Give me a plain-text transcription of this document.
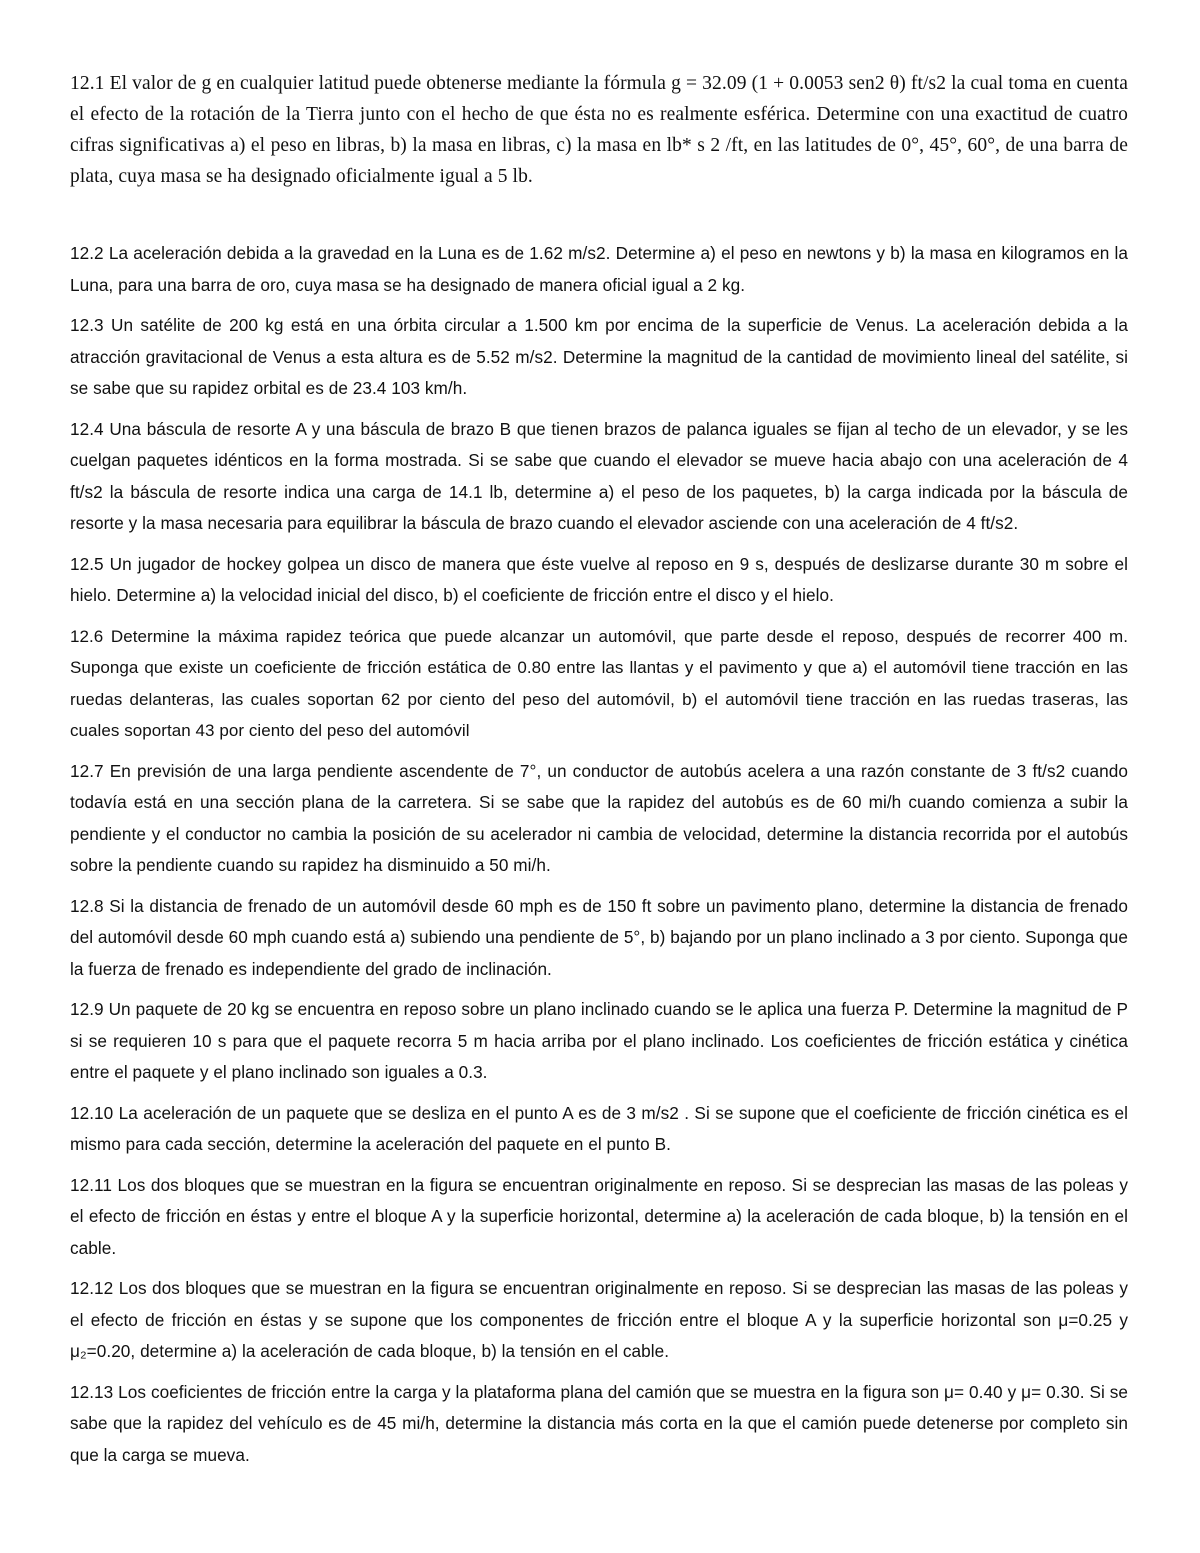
12.1 El valor de g en cualquier latitud puede obtenerse mediante la fórmula g = 32.09 (1 + 0.0053 sen2 θ) ft/s2 la cual toma en cuenta el efecto de la rotación de la Tierra junto con el hecho de que ésta no es realmente esférica. Determine con una exactitud de cuatro cifras significativas a) el peso en libras, b) la masa en libras, c) la masa en lb* s 2 /ft, en las latitudes de 0°, 45°, 60°, de una barra de plata, cuya masa se ha designado oficialmente igual a 5 lb.

12.2 La aceleración debida a la gravedad en la Luna es de 1.62 m/s2. Determine a) el peso en newtons y b) la masa en kilogramos en la Luna, para una barra de oro, cuya masa se ha designado de manera oficial igual a 2 kg.

12.3 Un satélite de 200 kg está en una órbita circular a 1.500 km por encima de la superficie de Venus. La aceleración debida a la atracción gravitacional de Venus a esta altura es de 5.52 m/s2. Determine la magnitud de la cantidad de movimiento lineal del satélite, si se sabe que su rapidez orbital es de 23.4 103 km/h.

12.4 Una báscula de resorte A y una báscula de brazo B que tienen brazos de palanca iguales se fijan al techo de un elevador, y se les cuelgan paquetes idénticos en la forma mostrada. Si se sabe que cuando el elevador se mueve hacia abajo con una aceleración de 4 ft/s2 la báscula de resorte indica una carga de 14.1 lb, determine a) el peso de los paquetes, b) la carga indicada por la báscula de resorte y la masa necesaria para equilibrar la báscula de brazo cuando el elevador asciende con una aceleración de 4 ft/s2.

12.5 Un jugador de hockey golpea un disco de manera que éste vuelve al reposo en 9 s, después de deslizarse durante 30 m sobre el hielo. Determine a) la velocidad inicial del disco, b) el coeficiente de fricción entre el disco y el hielo.

12.6 Determine la máxima rapidez teórica que puede alcanzar un automóvil, que parte desde el reposo, después de recorrer 400 m. Suponga que existe un coeficiente de fricción estática de 0.80 entre las llantas y el pavimento y que a) el automóvil tiene tracción en las ruedas delanteras, las cuales soportan 62 por ciento del peso del automóvil, b) el automóvil tiene tracción en las ruedas traseras, las cuales soportan 43 por ciento del peso del automóvil

12.7 En previsión de una larga pendiente ascendente de 7°, un conductor de autobús acelera a una razón constante de 3 ft/s2 cuando todavía está en una sección plana de la carretera. Si se sabe que la rapidez del autobús es de 60 mi/h cuando comienza a subir la pendiente y el conductor no cambia la posición de su acelerador ni cambia de velocidad, determine la distancia recorrida por el autobús sobre la pendiente cuando su rapidez ha disminuido a 50 mi/h.

12.8 Si la distancia de frenado de un automóvil desde 60 mph es de 150 ft sobre un pavimento plano, determine la distancia de frenado del automóvil desde 60 mph cuando está a) subiendo una pendiente de 5°, b) bajando por un plano inclinado a 3 por ciento. Suponga que la fuerza de frenado es independiente del grado de inclinación.

12.9 Un paquete de 20 kg se encuentra en reposo sobre un plano inclinado cuando se le aplica una fuerza P. Determine la magnitud de P si se requieren 10 s para que el paquete recorra 5 m hacia arriba por el plano inclinado. Los coeficientes de fricción estática y cinética entre el paquete y el plano inclinado son iguales a 0.3.

12.10 La aceleración de un paquete que se desliza en el punto A es de 3 m/s2 . Si se supone que el coeficiente de fricción cinética es el mismo para cada sección, determine la aceleración del paquete en el punto B.

12.11 Los dos bloques que se muestran en la figura se encuentran originalmente en reposo. Si se desprecian las masas de las poleas y el efecto de fricción en éstas y entre el bloque A y la superficie horizontal, determine a) la aceleración de cada bloque, b) la tensión en el cable.

12.12 Los dos bloques que se muestran en la figura se encuentran originalmente en reposo. Si se desprecian las masas de las poleas y el efecto de fricción en éstas y se supone que los componentes de fricción entre el bloque A y la superficie horizontal son μ=0.25 y μ₂=0.20, determine a) la aceleración de cada bloque, b) la tensión en el cable.

12.13 Los coeficientes de fricción entre la carga y la plataforma plana del camión que se muestra en la figura son μ= 0.40 y μ= 0.30. Si se sabe que la rapidez del vehículo es de 45 mi/h, determine la distancia más corta en la que el camión puede detenerse por completo sin que la carga se mueva.
